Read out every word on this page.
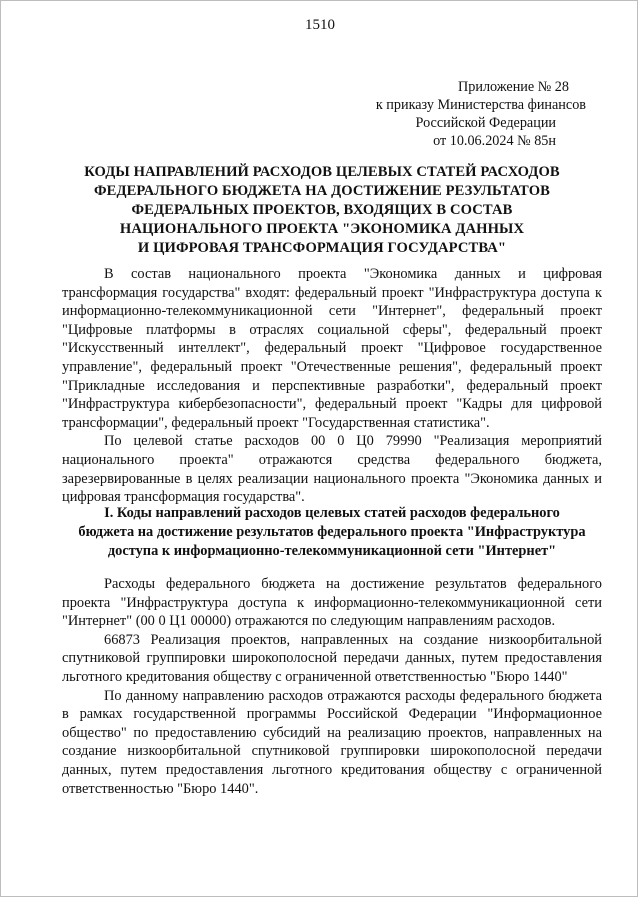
1510
Приложение № 28
к приказу Министерства финансов
Российской Федерации
от 10.06.2024 № 85н
КОДЫ НАПРАВЛЕНИЙ РАСХОДОВ ЦЕЛЕВЫХ СТАТЕЙ РАСХОДОВ
ФЕДЕРАЛЬНОГО БЮДЖЕТА НА ДОСТИЖЕНИЕ РЕЗУЛЬТАТОВ
ФЕДЕРАЛЬНЫХ ПРОЕКТОВ, ВХОДЯЩИХ В СОСТАВ
НАЦИОНАЛЬНОГО ПРОЕКТА "ЭКОНОМИКА ДАННЫХ
И ЦИФРОВАЯ ТРАНСФОРМАЦИЯ ГОСУДАРСТВА"

В состав национального проекта "Экономика данных и цифровая трансформация государства" входят: федеральный проект "Инфраструктура доступа к информационно-телекоммуникационной сети "Интернет", федеральный проект "Цифровые платформы в отраслях социальной сферы", федеральный проект "Искусственный интеллект", федеральный проект "Цифровое государственное управление", федеральный проект "Отечественные решения", федеральный проект "Прикладные исследования и перспективные разработки", федеральный проект "Инфраструктура кибербезопасности", федеральный проект "Кадры для цифровой трансформации", федеральный проект "Государственная статистика".

По целевой статье расходов 00 0 Ц0 79990 "Реализация мероприятий национального проекта" отражаются средства федерального бюджета, зарезервированные в целях реализации национального проекта "Экономика данных и цифровая трансформация государства".

I. Коды направлений расходов целевых статей расходов федерального
бюджета на достижение результатов федерального проекта "Инфраструктура
доступа к информационно-телекоммуникационной сети "Интернет"

Расходы федерального бюджета на достижение результатов федерального проекта "Инфраструктура доступа к информационно-телекоммуникационной сети "Интернет" (00 0 Ц1 00000) отражаются по следующим направлениям расходов.

66873 Реализация проектов, направленных на создание низкоорбитальной спутниковой группировки широкополосной передачи данных, путем предоставления льготного кредитования обществу с ограниченной ответственностью "Бюро 1440"

По данному направлению расходов отражаются расходы федерального бюджета в рамках государственной программы Российской Федерации "Информационное общество" по предоставлению субсидий на реализацию проектов, направленных на создание низкоорбитальной спутниковой группировки широкополосной передачи данных, путем предоставления льготного кредитования обществу с ограниченной ответственностью "Бюро 1440".
